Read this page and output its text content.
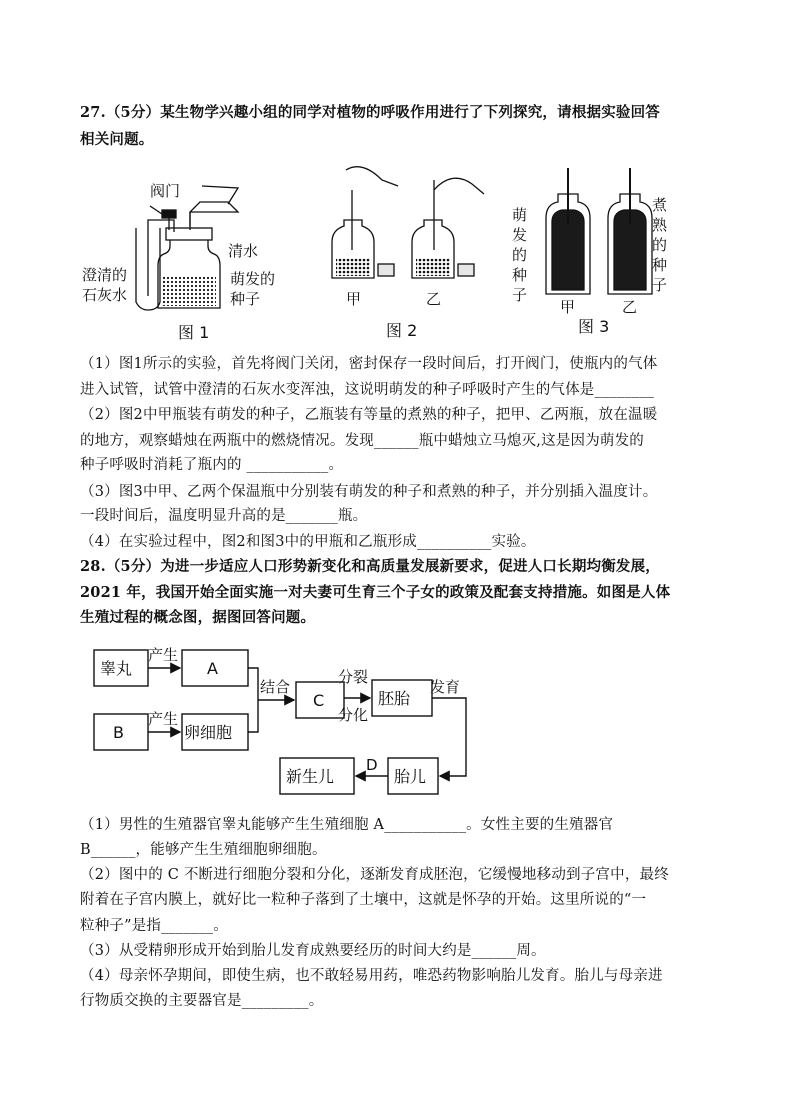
27.（5分）某生物学兴趣小组的同学对植物的呼吸作用进行了下列探究，请根据实验回答
相关问题。
阀门
清水
澄清的
石灰水
萌发的
种子
图 1
甲	乙
图 2
萌
发
的
种
子
煮
熟
的
种
子
甲	乙
图 3
（1）图1所示的实验，首先将阀门关闭，密封保存一段时间后，打开阀门，使瓶内的气体
进入试管，试管中澄清的石灰水变浑浊，这说明萌发的种子呼吸时产生的气体是________
（2）图2中甲瓶装有萌发的种子，乙瓶装有等量的煮熟的种子，把甲、乙两瓶，放在温暖
的地方，观察蜡烛在两瓶中的燃烧情况。发现______瓶中蜡烛立马熄灭,这是因为萌发的
种子呼吸时消耗了瓶内的 ___________。
（3）图3中甲、乙两个保温瓶中分别装有萌发的种子和煮熟的种子，并分别插入温度计。
一段时间后，温度明显升高的是_______瓶。
（4）在实验过程中，图2和图3中的甲瓶和乙瓶形成__________实验。
28.（5分）为进一步适应人口形势新变化和高质量发展新要求，促进人口长期均衡发展，
2021 年，我国开始全面实施一对夫妻可生育三个子女的政策及配套支持措施。如图是人体
生殖过程的概念图，据图回答问题。
睾丸	A
B	卵细胞
C	胚胎
新生儿	胎儿
产生
产生
结合
分裂
分化
发育
D
（1）男性的生殖器官睾丸能够产生生殖细胞 A___________。女性主要的生殖器官
B______，能够产生生殖细胞卵细胞。
（2）图中的 C 不断进行细胞分裂和分化，逐渐发育成胚泡，它缓慢地移动到子宫中，最终
附着在子宫内膜上，就好比一粒种子落到了土壤中，这就是怀孕的开始。这里所说的“一
粒种子”是指_______。
（3）从受精卵形成开始到胎儿发育成熟要经历的时间大约是______周。
（4）母亲怀孕期间，即使生病，也不敢轻易用药，唯恐药物影响胎儿发育。胎儿与母亲进
行物质交换的主要器官是_________。
